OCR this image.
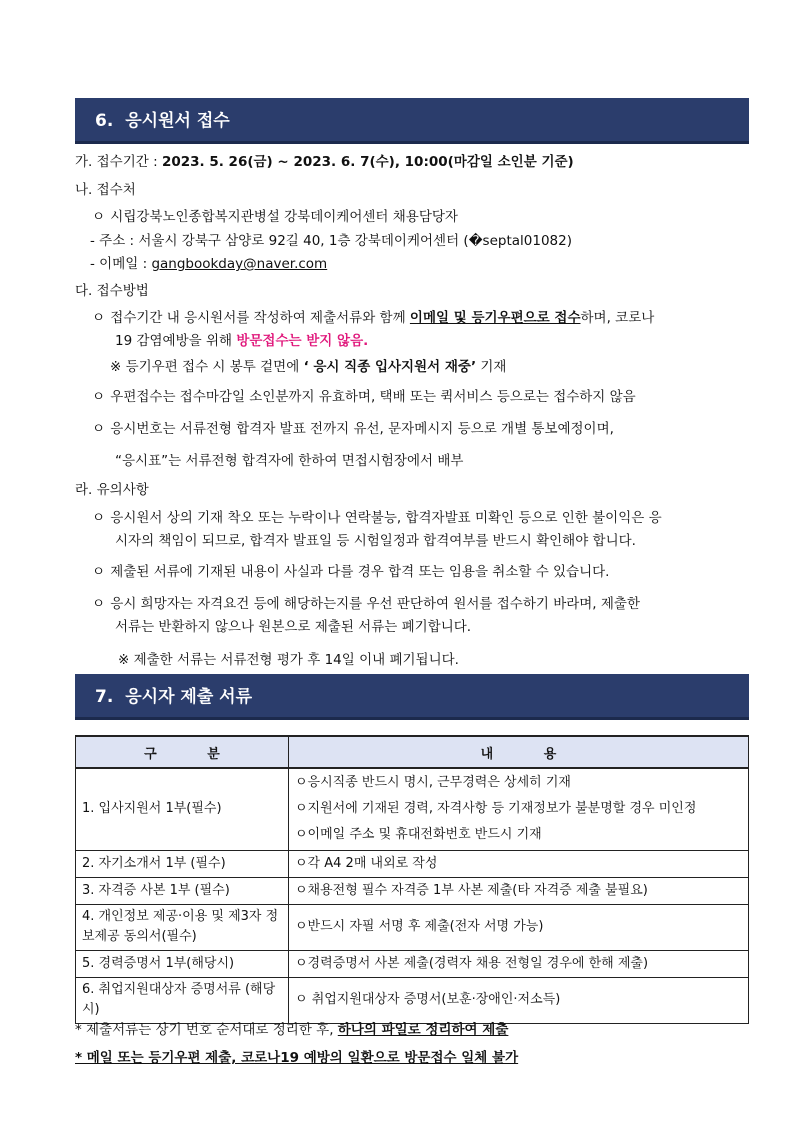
6. 응시원서 접수
가. 접수기간 : 2023. 5. 26(금) ~ 2023. 6. 7(수), 10:00(마감일 소인분 기준)
나. 접수처
ㅇ 시립강북노인종합복지관병설 강북데이케어센터 채용담당자
- 주소 : 서울시 강북구 삼양로 92길 40, 1층 강북데이케어센터 (�septal01082)
- 이메일 : gangbookday@naver.com
다. 접수방법
ㅇ 접수기간 내 응시원서를 작성하여 제출서류와 함께 이메일 및 등기우편으로 접수하며, 코로나
19 감염예방을 위해 방문접수는 받지 않음.
※ 등기우편 접수 시 봉투 겉면에 ‘ 응시 직종 입사지원서 재중’ 기재
ㅇ 우편접수는 접수마감일 소인분까지 유효하며, 택배 또는 퀵서비스 등으로는 접수하지 않음
ㅇ 응시번호는 서류전형 합격자 발표 전까지 유선, 문자메시지 등으로 개별 통보예정이며,
“응시표”는 서류전형 합격자에 한하여 면접시험장에서 배부
라. 유의사항
ㅇ 응시원서 상의 기재 착오 또는 누락이나 연락불능, 합격자발표 미확인 등으로 인한 불이익은 응
시자의 책임이 되므로, 합격자 발표일 등 시험일정과 합격여부를 반드시 확인해야 합니다.
ㅇ 제출된 서류에 기재된 내용이 사실과 다를 경우 합격 또는 임용을 취소할 수 있습니다.
ㅇ 응시 희망자는 자격요건 등에 해당하는지를 우선 판단하여 원서를 접수하기 바라며, 제출한
서류는 반환하지 않으나 원본으로 제출된 서류는 폐기합니다.
※ 제출한 서류는 서류전형 평가 후 14일 이내 폐기됩니다.
7. 응시자 제출 서류
구 분	내 용
1. 입사지원서 1부(필수)	ㅇ응시직종 반드시 명시, 근무경력은 상세히 기재
ㅇ지원서에 기재된 경력, 자격사항 등 기재정보가 불분명할 경우 미인정
ㅇ이메일 주소 및 휴대전화번호 반드시 기재

2. 자기소개서 1부 (필수)	ㅇ각 A4 2매 내외로 작성
3. 자격증 사본 1부 (필수)	ㅇ채용전형 필수 자격증 1부 사본 제출(타 자격증 제출 불필요)
4. 개인정보 제공·이용 및 제3자 정보제공 동의서(필수)	ㅇ반드시 자필 서명 후 제출(전자 서명 가능)
5. 경력증명서 1부(해당시)	ㅇ경력증명서 사본 제출(경력자 채용 전형일 경우에 한해 제출)
6. 취업지원대상자 증명서류 (해당시)	ㅇ 취업지원대상자 증명서(보훈·장애인·저소득)
* 제출서류는 상기 번호 순서대로 정리한 후, 하나의 파일로 정리하여 제출
* 메일 또는 등기우편 제출, 코로나19 예방의 일환으로 방문접수 일체 불가
